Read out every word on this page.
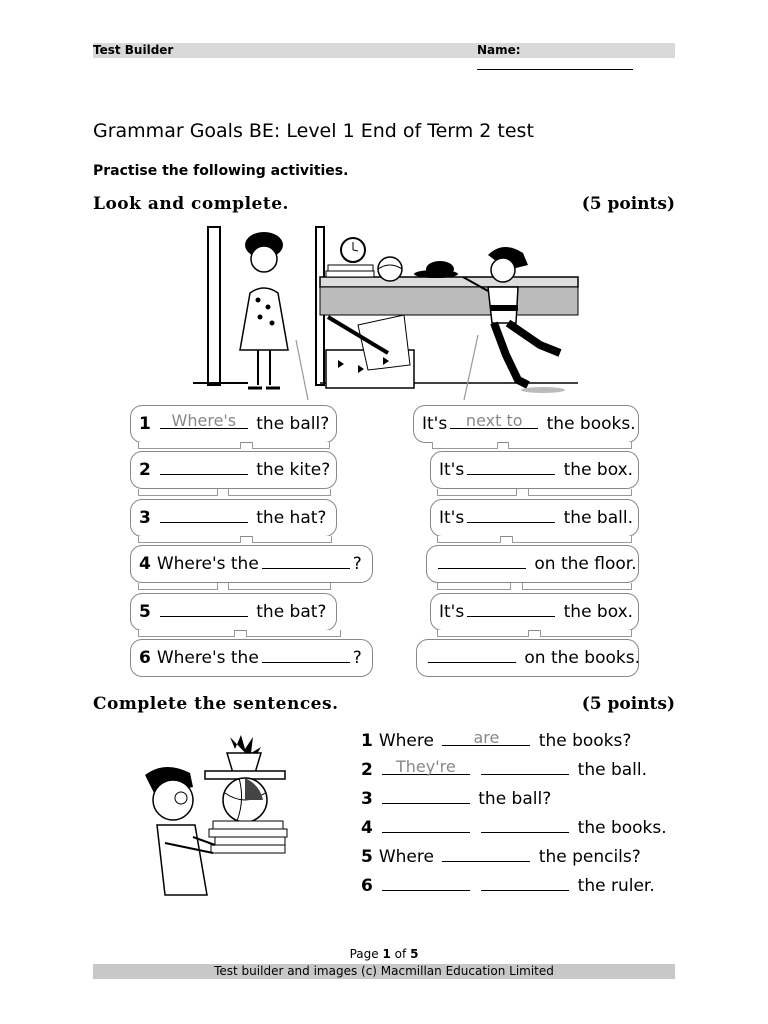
Test Builder	Name:
Grammar Goals BE: Level 1 End of Term 2 test
Practise the following activities.
Look and complete.	(5 points)
1	Where's	the ball?
2	the kite?
3	the hat?
4 Where's the	?
5	the bat?
6 Where's the	?
It's	next to	the books.
It's	the box.
It's	the ball.
on the floor.
It's	the box.
on the books.
Complete the sentences.	(5 points)
1 Where	are	the books?
2	They're
	the ball.
3	the ball?
4
	the books.
5 Where	the pencils?
6
	the ruler.
Page 1 of 5
Test builder and images (c) Macmillan Education Limited
